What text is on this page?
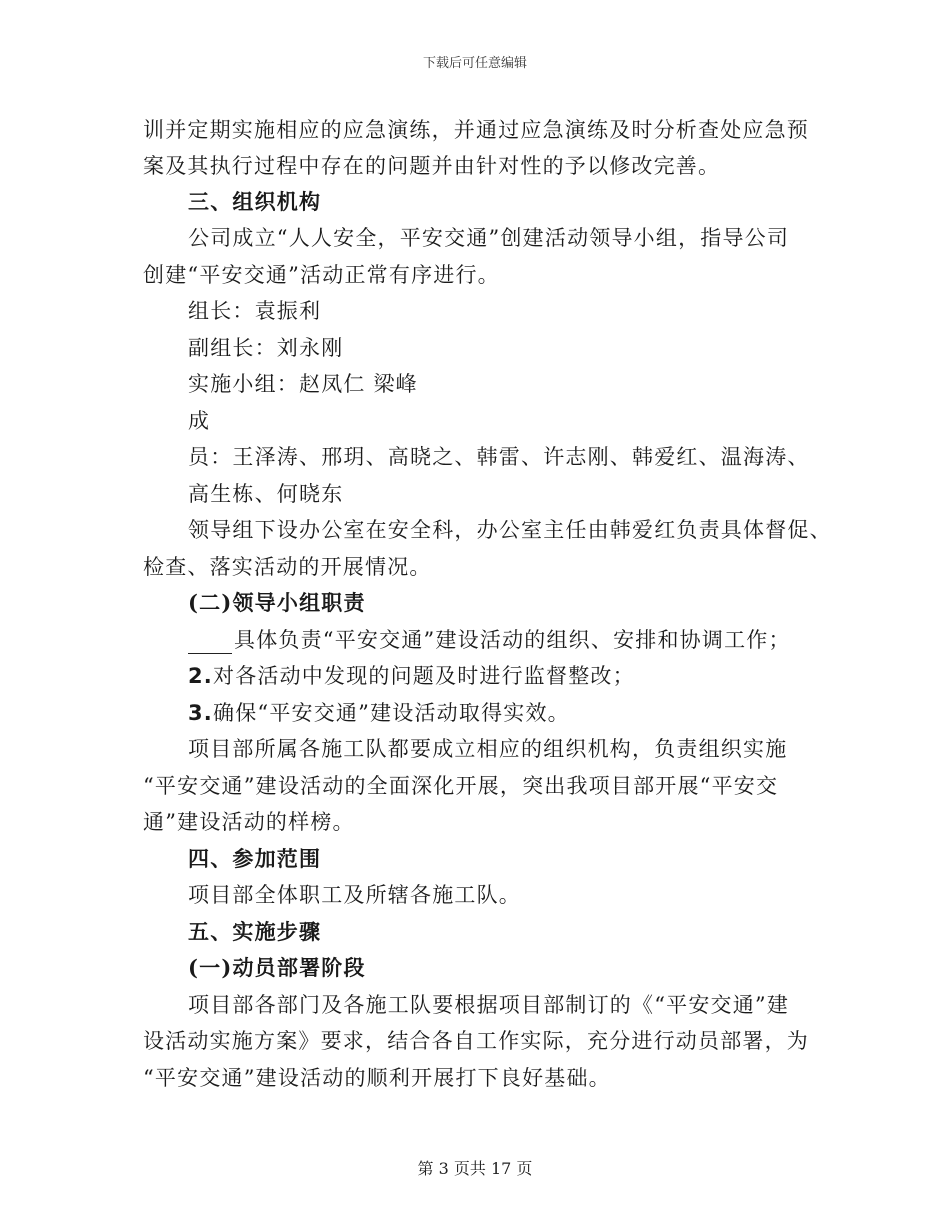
下载后可任意编辑
训并定期实施相应的应急演练，并通过应急演练及时分析查处应急预
案及其执行过程中存在的问题并由针对性的予以修改完善。
三、组织机构
公司成立“人人安全，平安交通”创建活动领导小组，指导公司
创建“平安交通”活动正常有序进行。
组长：袁振利
副组长：刘永刚
实施小组：赵凤仁 梁峰
成
员：王泽涛、邢玥、高晓之、韩雷、许志刚、韩爱红、温海涛、
高生栋、何晓东
领导组下设办公室在安全科，办公室主任由韩爱红负责具体督促、
检查、落实活动的开展情况。
(二)领导小组职责
具体负责“平安交通”建设活动的组织、安排和协调工作；
2.对各活动中发现的问题及时进行监督整改；
3.确保“平安交通”建设活动取得实效。
项目部所属各施工队都要成立相应的组织机构，负责组织实施
“平安交通”建设活动的全面深化开展，突出我项目部开展“平安交
通”建设活动的样榜。
四、参加范围
项目部全体职工及所辖各施工队。
五、实施步骤
(一)动员部署阶段
项目部各部门及各施工队要根据项目部制订的《“平安交通”建
设活动实施方案》要求，结合各自工作实际，充分进行动员部署，为
“平安交通”建设活动的顺利开展打下良好基础。
第 3 页共 17 页
